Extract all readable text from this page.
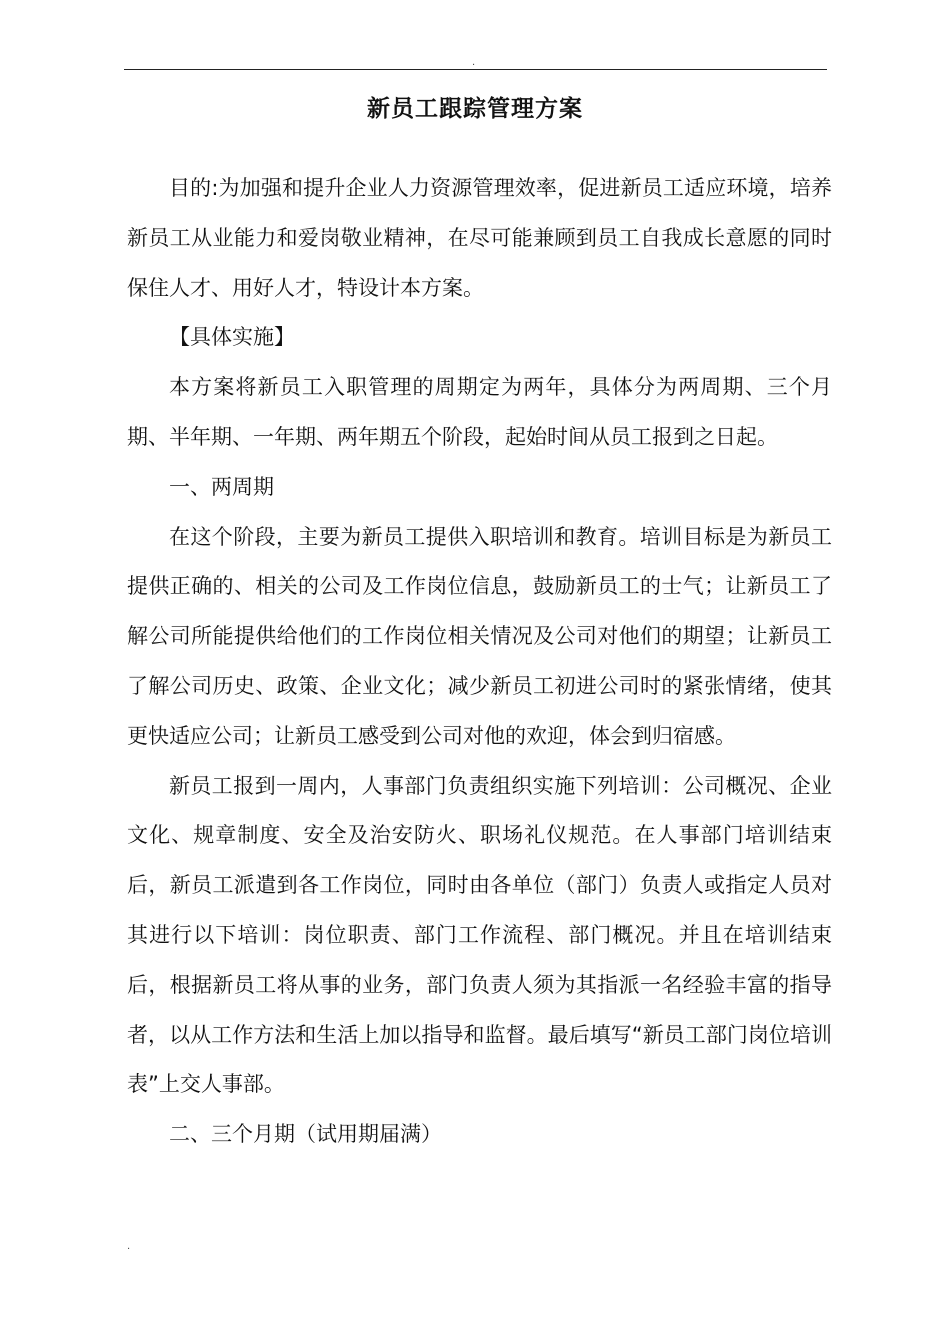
.
新员工跟踪管理方案

目的:为加强和提升企业人力资源管理效率，促进新员工适应环境，培养新员工从业能力和爱岗敬业精神，在尽可能兼顾到员工自我成长意愿的同时保住人才、用好人才，特设计本方案。

【具体实施】

本方案将新员工入职管理的周期定为两年，具体分为两周期、三个月期、半年期、一年期、两年期五个阶段，起始时间从员工报到之日起。

一、两周期

在这个阶段，主要为新员工提供入职培训和教育。培训目标是为新员工提供正确的、相关的公司及工作岗位信息，鼓励新员工的士气；让新员工了解公司所能提供给他们的工作岗位相关情况及公司对他们的期望；让新员工了解公司历史、政策、企业文化；减少新员工初进公司时的紧张情绪，使其更快适应公司；让新员工感受到公司对他的欢迎，体会到归宿感。

新员工报到一周内，人事部门负责组织实施下列培训：公司概况、企业文化、规章制度、安全及治安防火、职场礼仪规范。在人事部门培训结束后，新员工派遣到各工作岗位，同时由各单位（部门）负责人或指定人员对其进行以下培训：岗位职责、部门工作流程、部门概况。并且在培训结束后，根据新员工将从事的业务，部门负责人须为其指派一名经验丰富的指导者，以从工作方法和生活上加以指导和监督。最后填写“新员工部门岗位培训表”上交人事部。

二、三个月期（试用期届满）

.
